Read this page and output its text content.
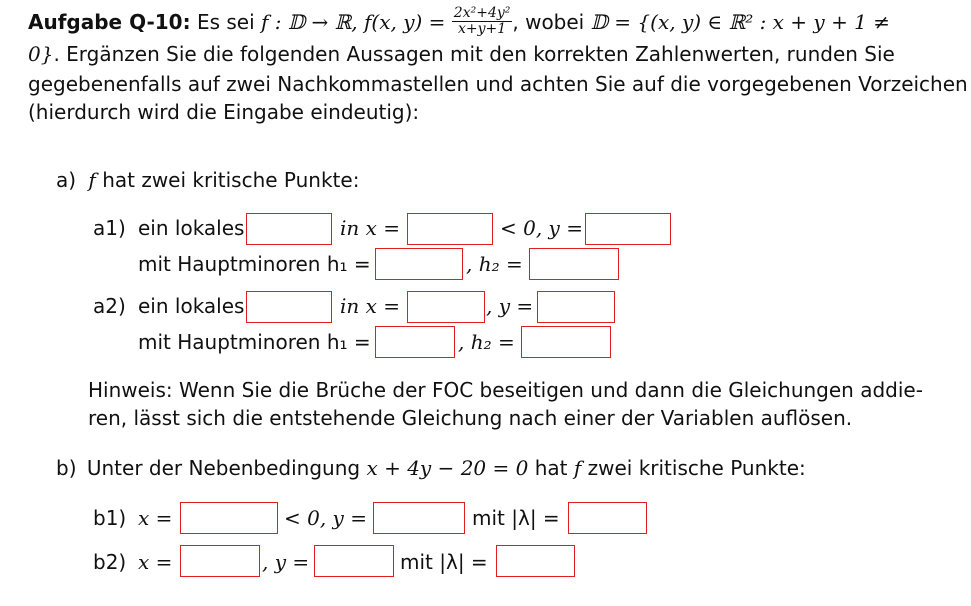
Aufgabe Q-10: Es sei f : 𝔻 → ℝ, f(x, $y) = \frac{\text{2x²+4y²}}{x+y+1}$ , wobei 𝔻 = {(x, y) ∈ ℝ² : x + y + 1 ≠
0}. Ergänzen Sie die folgenden Aussagen mit den korrekten Zahlenwerten, runden Sie
gegebenenfalls auf zwei Nachkommastellen und achten Sie auf die vorgegebenen Vorzeichen
(hierdurch wird die Eingabe eindeutig):
a) f hat zwei kritische Punkte:
a1) ein lokales	in x =	< 0, y =
mit Hauptminoren h₁ =	, h₂ =
a2) ein lokales	in x =	, y =
mit Hauptminoren h₁ =	, h₂ =
Hinweis: Wenn Sie die Brüche der FOC beseitigen und dann die Gleichungen addie-
ren, lässt sich die entstehende Gleichung nach einer der Variablen auflösen.
b) Unter der Nebenbedingung x + 4y − 20 = 0 hat f zwei kritische Punkte:
b1) x =	< 0, y =	mit |λ| =
b2) x =	, y =	mit |λ| =
